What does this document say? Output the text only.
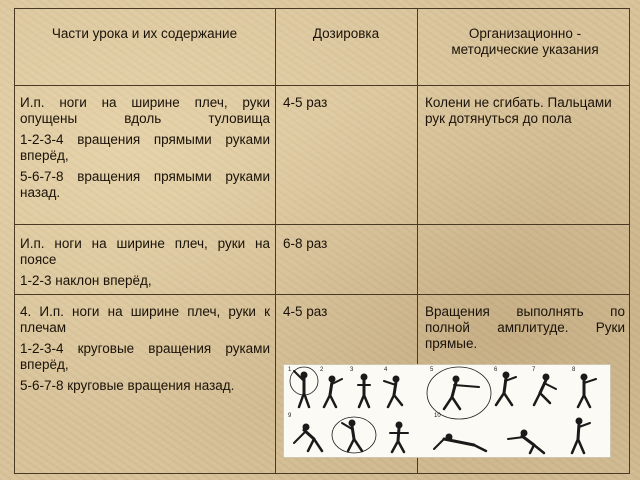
Части урока и их содержание	Дозировка	Организационно - методические указания

И.п. ноги на ширине плеч, руки опущены вдоль туловища

1-2-3-4 вращения прямыми руками вперёд,

5-6-7-8 вращения прямыми руками назад.

4-5 раз	Колени не сгибать. Пальцами рук дотянуться до пола

И.п. ноги на ширине плеч, руки на поясе

1-2-3 наклон вперёд,

6-8 раз

4. И.п. ноги на ширине плеч, руки к плечам

1-2-3-4 круговые вращения руками вперёд,

5-6-7-8 круговые вращения назад.

4-5 раз	Вращения выполнять по полной амплитуде. Руки прямые.

1	2	3	4	5	6	7	8
9	10
